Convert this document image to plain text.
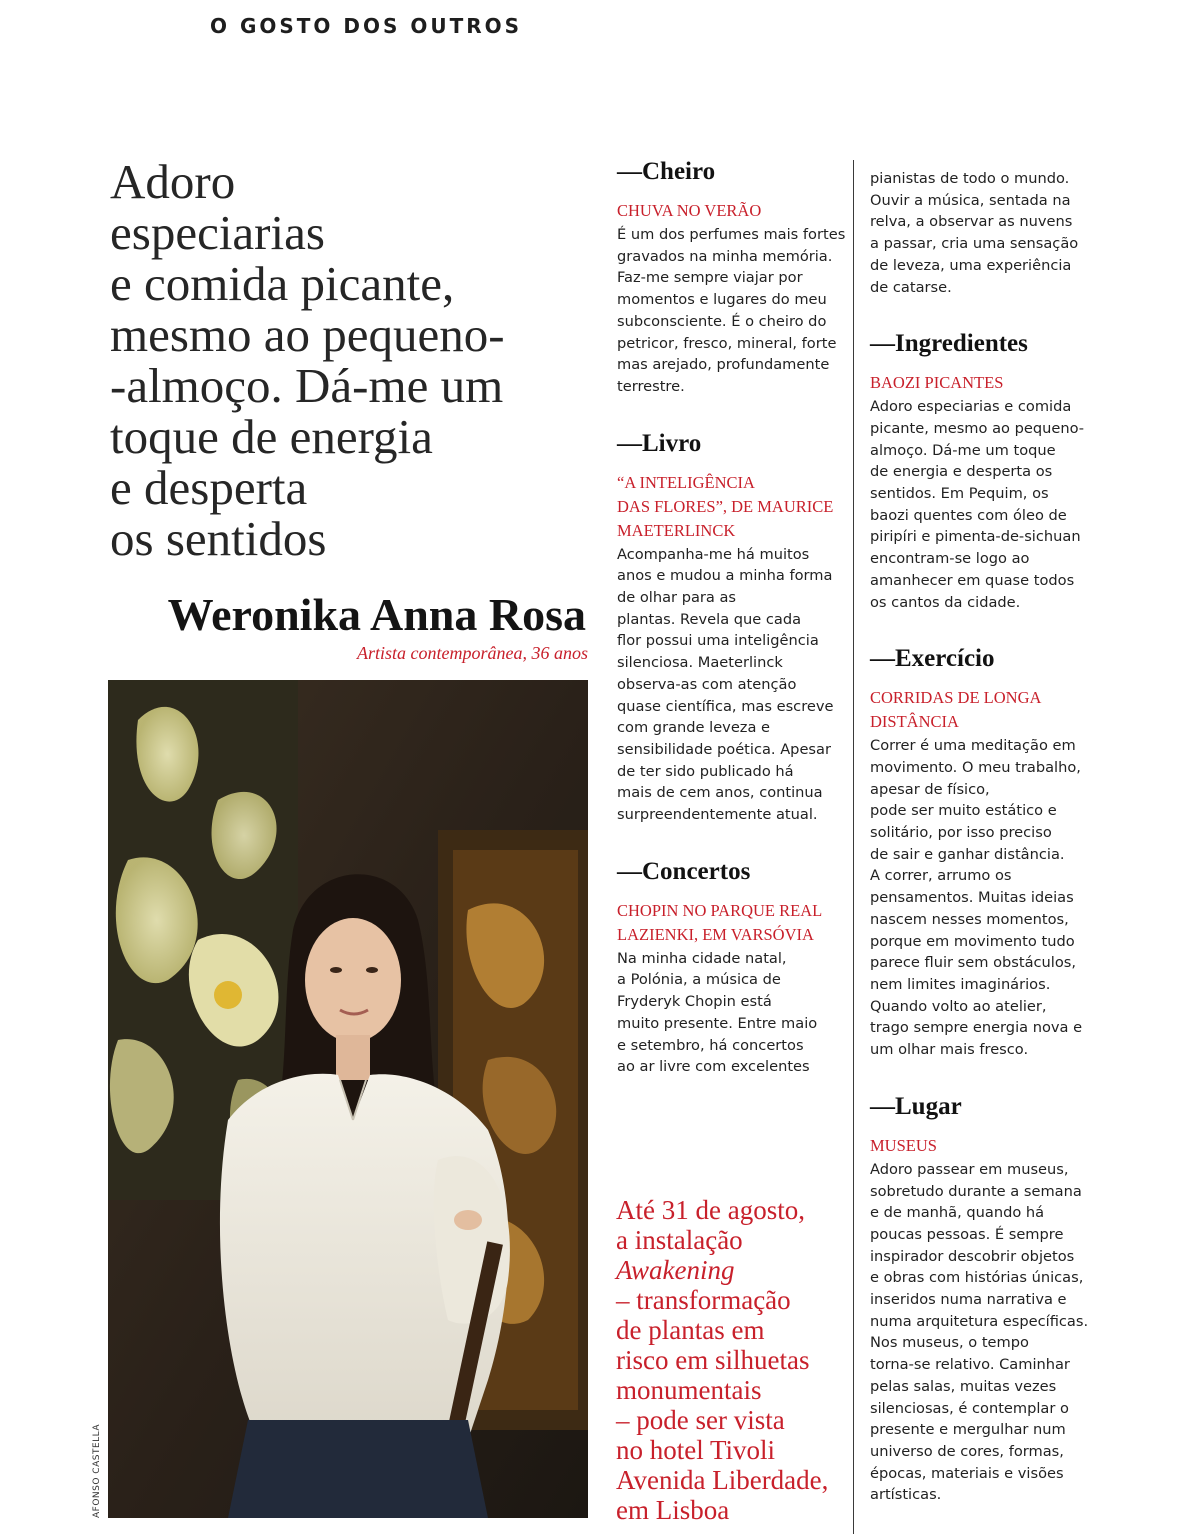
O GOSTO DOS OUTROS
Adoro
especiarias
e comida picante,
mesmo ao pequeno-
-almoço. Dá-me um
toque de energia
e desperta
os sentidos
Weronika Anna Rosa
Artista contemporânea, 36 anos
AFONSO CASTELLA
—Cheiro
CHUVA NO VERÃO
É um dos perfumes mais fortes
gravados na minha memória.
Faz-me sempre viajar por
momentos e lugares do meu
subconsciente. É o cheiro do
petricor, fresco, mineral, forte
mas arejado, profundamente
terrestre.
—Livro
“A INTELIGÊNCIA
DAS FLORES”, DE MAURICE
MAETERLINCK
Acompanha-me há muitos
anos e mudou a minha forma
de olhar para as
plantas. Revela que cada
flor possui uma inteligência
silenciosa. Maeterlinck
observa-as com atenção
quase científica, mas escreve
com grande leveza e
sensibilidade poética. Apesar
de ter sido publicado há
mais de cem anos, continua
surpreendentemente atual.
—Concertos
CHOPIN NO PARQUE REAL
LAZIENKI, EM VARSÓVIA
Na minha cidade natal,
a Polónia, a música de
Fryderyk Chopin está
muito presente. Entre maio
e setembro, há concertos
ao ar livre com excelentes
Até 31 de agosto,
a instalação
Awakening
– transformação
de plantas em
risco em silhuetas
monumentais
– pode ser vista
no hotel Tivoli
Avenida Liberdade,
em Lisboa
pianistas de todo o mundo.
Ouvir a música, sentada na
relva, a observar as nuvens
a passar, cria uma sensação
de leveza, uma experiência
de catarse.
—Ingredientes
BAOZI PICANTES
Adoro especiarias e comida
picante, mesmo ao pequeno-
almoço. Dá-me um toque
de energia e desperta os
sentidos. Em Pequim, os
baozi quentes com óleo de
piripíri e pimenta-de-sichuan
encontram-se logo ao
amanhecer em quase todos
os cantos da cidade.
—Exercício
CORRIDAS DE LONGA
DISTÂNCIA
Correr é uma meditação em
movimento. O meu trabalho,
apesar de físico,
pode ser muito estático e
solitário, por isso preciso
de sair e ganhar distância.
A correr, arrumo os
pensamentos. Muitas ideias
nascem nesses momentos,
porque em movimento tudo
parece fluir sem obstáculos,
nem limites imaginários.
Quando volto ao atelier,
trago sempre energia nova e
um olhar mais fresco.
—Lugar
MUSEUS
Adoro passear em museus,
sobretudo durante a semana
e de manhã, quando há
poucas pessoas. É sempre
inspirador descobrir objetos
e obras com histórias únicas,
inseridos numa narrativa e
numa arquitetura específicas.
Nos museus, o tempo
torna-se relativo. Caminhar
pelas salas, muitas vezes
silenciosas, é contemplar o
presente e mergulhar num
universo de cores, formas,
épocas, materiais e visões
artísticas.
